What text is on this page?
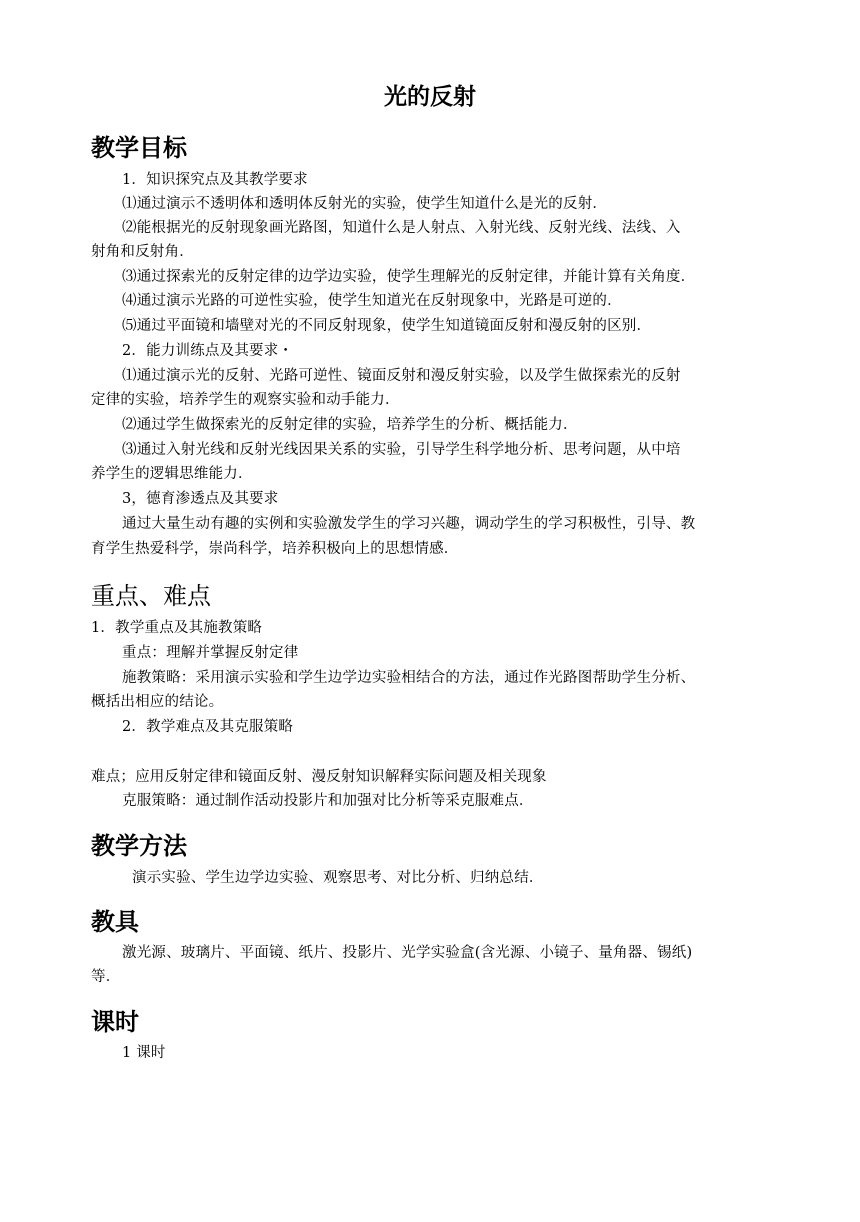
光的反射
教学目标
1．知识探究点及其教学要求
⑴通过演示不透明体和透明体反射光的实验，使学生知道什么是光的反射．
⑵能根据光的反射现象画光路图，知道什么是人射点、入射光线、反射光线、法线、入
射角和反射角．
⑶通过探索光的反射定律的边学边实验，使学生理解光的反射定律，并能计算有关角度．
⑷通过演示光路的可逆性实验，使学生知道光在反射现象中，光路是可逆的．
⑸通过平面镜和墙壁对光的不同反射现象，使学生知道镜面反射和漫反射的区别．
2．能力训练点及其要求・
⑴通过演示光的反射、光路可逆性、镜面反射和漫反射实验，以及学生做探索光的反射
定律的实验，培养学生的观察实验和动手能力．
⑵通过学生做探索光的反射定律的实验，培养学生的分析、概括能力．
⑶通过入射光线和反射光线因果关系的实验，引导学生科学地分析、思考问题，从中培
养学生的逻辑思维能力．
3，德育渗透点及其要求
通过大量生动有趣的实例和实验激发学生的学习兴趣，调动学生的学习积极性，引导、教
育学生热爱科学，崇尚科学，培养积极向上的思想情感．
重点、难点
1．教学重点及其施教策略
重点：理解并掌握反射定律
施教策略：采用演示实验和学生边学边实验相结合的方法，通过作光路图帮助学生分析、
概括出相应的结论。
2．教学难点及其克服策略
难点；应用反射定律和镜面反射、漫反射知识解释实际问题及相关现象
克服策略：通过制作活动投影片和加强对比分析等采克服难点．
教学方法
演示实验、学生边学边实验、观察思考、对比分析、归纳总结．
教具
激光源、玻璃片、平面镜、纸片、投影片、光学实验盒(含光源、小镜子、量角器、锡纸)
等．
课时
1 课时
